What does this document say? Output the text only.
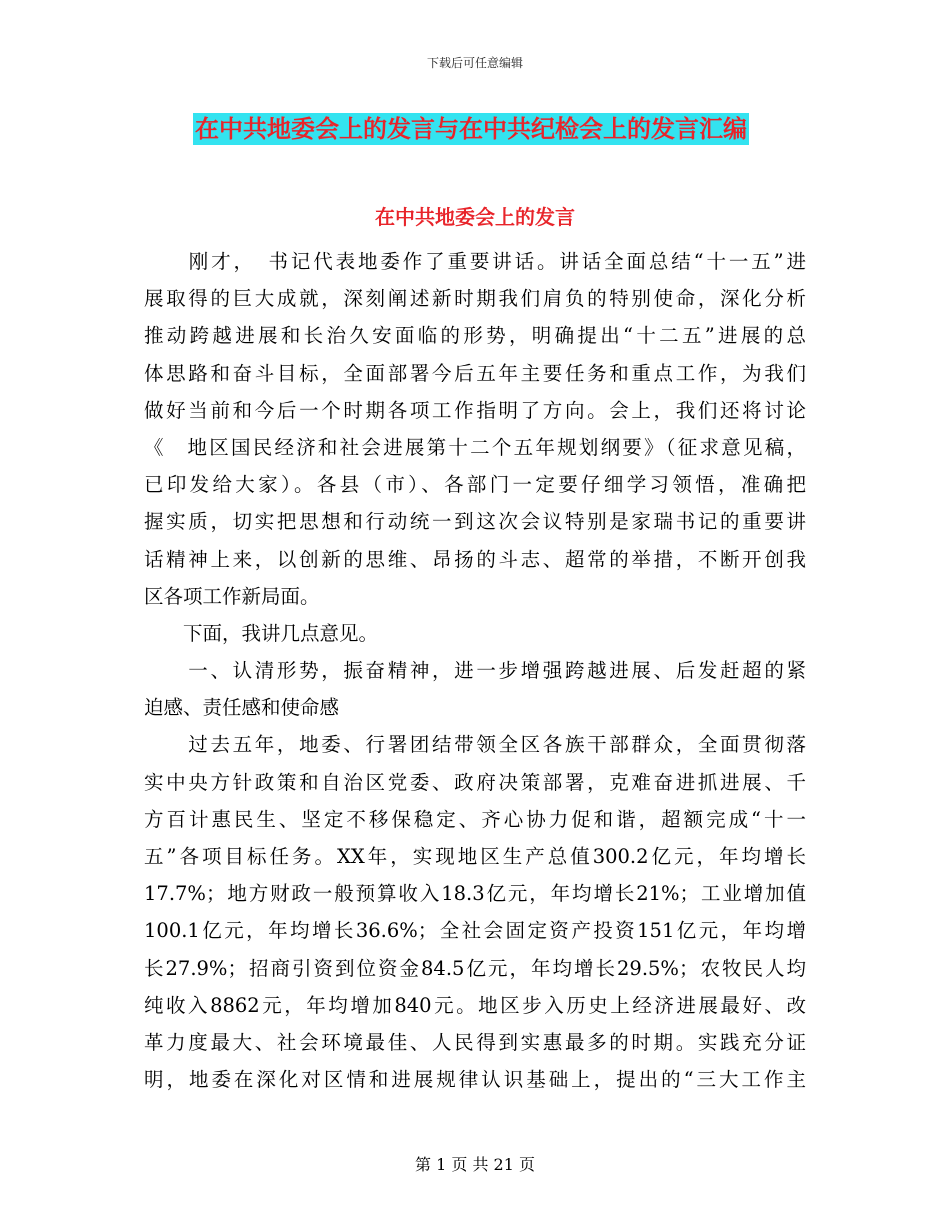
下载后可任意编辑
在中共地委会上的发言与在中共纪检会上的发言汇编
在中共地委会上的发言
　　刚才，　书记代表地委作了重要讲话。讲话全面总结“十一五”进
展取得的巨大成就，深刻阐述新时期我们肩负的特别使命，深化分析
推动跨越进展和长治久安面临的形势，明确提出“十二五”进展的总
体思路和奋斗目标，全面部署今后五年主要任务和重点工作，为我们
做好当前和今后一个时期各项工作指明了方向。会上，我们还将讨论
《　地区国民经济和社会进展第十二个五年规划纲要》（征求意见稿，
已印发给大家）。各县（市）、各部门一定要仔细学习领悟，准确把
握实质，切实把思想和行动统一到这次会议特别是家瑞书记的重要讲
话精神上来，以创新的思维、昂扬的斗志、超常的举措，不断开创我
区各项工作新局面。
　　下面，我讲几点意见。
　　一、认清形势，振奋精神，进一步增强跨越进展、后发赶超的紧
迫感、责任感和使命感
　　过去五年，地委、行署团结带领全区各族干部群众，全面贯彻落
实中央方针政策和自治区党委、政府决策部署，克难奋进抓进展、千
方百计惠民生、坚定不移保稳定、齐心协力促和谐，超额完成“十一
五”各项目标任务。XX年，实现地区生产总值300.2亿元，年均增长
17.7%；地方财政一般预算收入18.3亿元，年均增长21%；工业增加值
100.1亿元，年均增长36.6%；全社会固定资产投资151亿元，年均增
长27.9%；招商引资到位资金84.5亿元，年均增长29.5%；农牧民人均
纯收入8862元，年均增加840元。地区步入历史上经济进展最好、改
革力度最大、社会环境最佳、人民得到实惠最多的时期。实践充分证
明，地委在深化对区情和进展规律认识基础上，提出的“三大工作主
第 1 页 共 21 页
